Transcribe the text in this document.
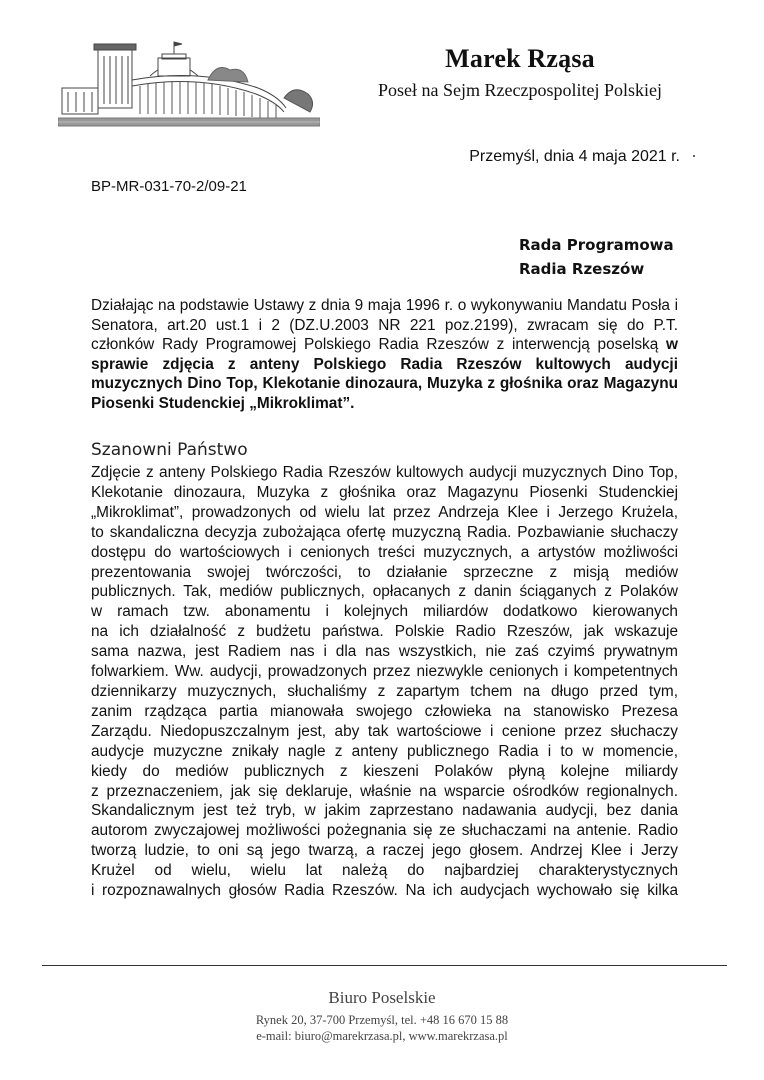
Marek Rząsa
Poseł na Sejm Rzeczpospolitej Polskiej
Przemyśl, dnia 4 maja 2021 r.
BP-MR-031-70-2/09-21
Rada Programowa
Radia Rzeszów
Działając na podstawie Ustawy z dnia 9 maja 1996 r. o wykonywaniu Mandatu Posła i Senatora, art.20 ust.1 i 2 (DZ.U.2003 NR 221 poz.2199), zwracam się do P.T. członków Rady Programowej Polskiego Radia Rzeszów z interwencją poselską w sprawie zdjęcia z anteny Polskiego Radia Rzeszów kultowych audycji muzycznych Dino Top, Klekotanie dinozaura, Muzyka z głośnika oraz Magazynu Piosenki Studenckiej „Mikroklimat”.
Szanowni Państwo
Zdjęcie z anteny Polskiego Radia Rzeszów kultowych audycji muzycznych Dino Top,
Klekotanie dinozaura, Muzyka z głośnika oraz Magazynu Piosenki Studenckiej
„Mikroklimat”, prowadzonych od wielu lat przez Andrzeja Klee i Jerzego Krużela,
to skandaliczna decyzja zubożająca ofertę muzyczną Radia. Pozbawianie słuchaczy
dostępu do wartościowych i cenionych treści muzycznych, a artystów możliwości
prezentowania swojej twórczości, to działanie sprzeczne z misją mediów
publicznych. Tak, mediów publicznych, opłacanych z danin ściąganych z Polaków
w ramach tzw. abonamentu i kolejnych miliardów dodatkowo kierowanych
na ich działalność z budżetu państwa. Polskie Radio Rzeszów, jak wskazuje
sama nazwa, jest Radiem nas i dla nas wszystkich, nie zaś czyimś prywatnym
folwarkiem. Ww. audycji, prowadzonych przez niezwykle cenionych i kompetentnych
dziennikarzy muzycznych, słuchaliśmy z zapartym tchem na długo przed tym,
zanim rządząca partia mianowała swojego człowieka na stanowisko Prezesa
Zarządu. Niedopuszczalnym jest, aby tak wartościowe i cenione przez słuchaczy
audycje muzyczne znikały nagle z anteny publicznego Radia i to w momencie,
kiedy do mediów publicznych z kieszeni Polaków płyną kolejne miliardy
z przeznaczeniem, jak się deklaruje, właśnie na wsparcie ośrodków regionalnych.
Skandalicznym jest też tryb, w jakim zaprzestano nadawania audycji, bez dania
autorom zwyczajowej możliwości pożegnania się ze słuchaczami na antenie. Radio
tworzą ludzie, to oni są jego twarzą, a raczej jego głosem. Andrzej Klee i Jerzy
Krużel od wielu, wielu lat należą do najbardziej charakterystycznych
i rozpoznawalnych głosów Radia Rzeszów. Na ich audycjach wychowało się kilka
Biuro Poselskie
Rynek 20, 37-700 Przemyśl, tel. +48 16 670 15 88
e-mail: biuro@marekrzasa.pl, www.marekrzasa.pl
